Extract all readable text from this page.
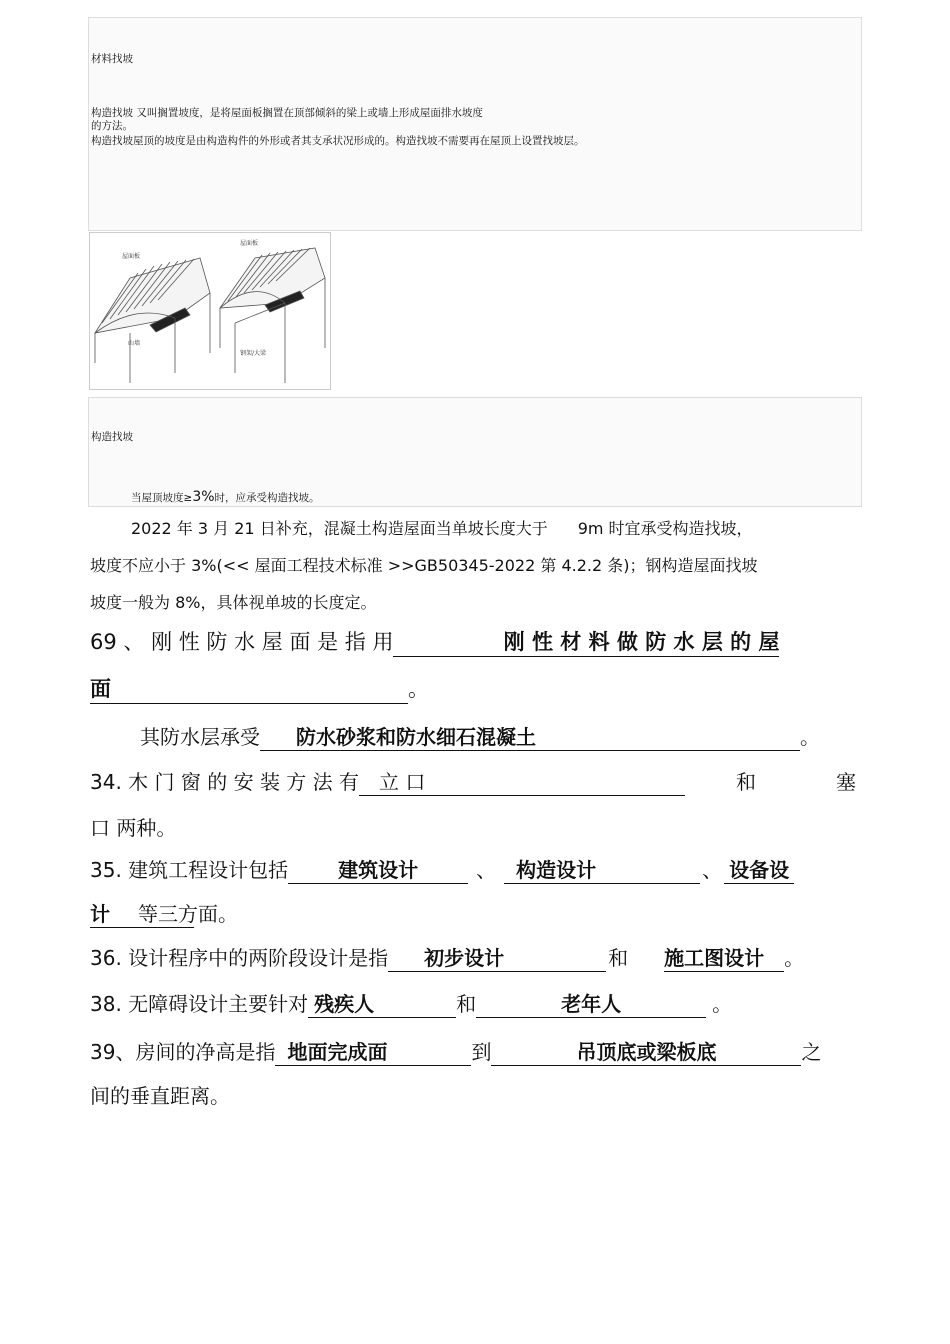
材料找坡
构造找坡 又叫搁置坡度，是将屋面板搁置在顶部倾斜的梁上或墙上形成屋面排水坡度
的方法。
构造找坡屋顶的坡度是由构造构件的外形或者其支承状况形成的。构造找坡不需要再在屋顶上设置找坡层。
屋面板
屋面板
山墙
钢架/大梁
构造找坡
当屋顶坡度≥3%时，应承受构造找坡。
2022 年 3 月 21 日补充，混凝土构造屋面当单坡长度大于 9m 时宜承受构造找坡，
坡度不应小于 3%(<< 屋面工程技术标准 >>GB50345-2022 第 4.2.2 条)；钢构造屋面找坡
坡度一般为 8%，具体视单坡的长度定。
69 、 刚 性 防 水 屋 面 是 指 用	刚 性 材 料 做 防 水 层 的 屋
面	。
其防水层承受 防水砂浆和防水细石混凝土	。
34. 木 门 窗 的 安 装 方 法 有 立 口	和	塞
口 两种。
35. 建筑工程设计包括	建筑设计	、 构造设计	、 设备设
计 等三方面。
36. 设计程序中的两阶段设计是指 初步设计	和 施工图设计 。
38. 无障碍设计主要针对 残疾人	和	老年人	。
39、房间的净高是指 地面完成面	到	吊顶底或梁板底	之
间的垂直距离。
